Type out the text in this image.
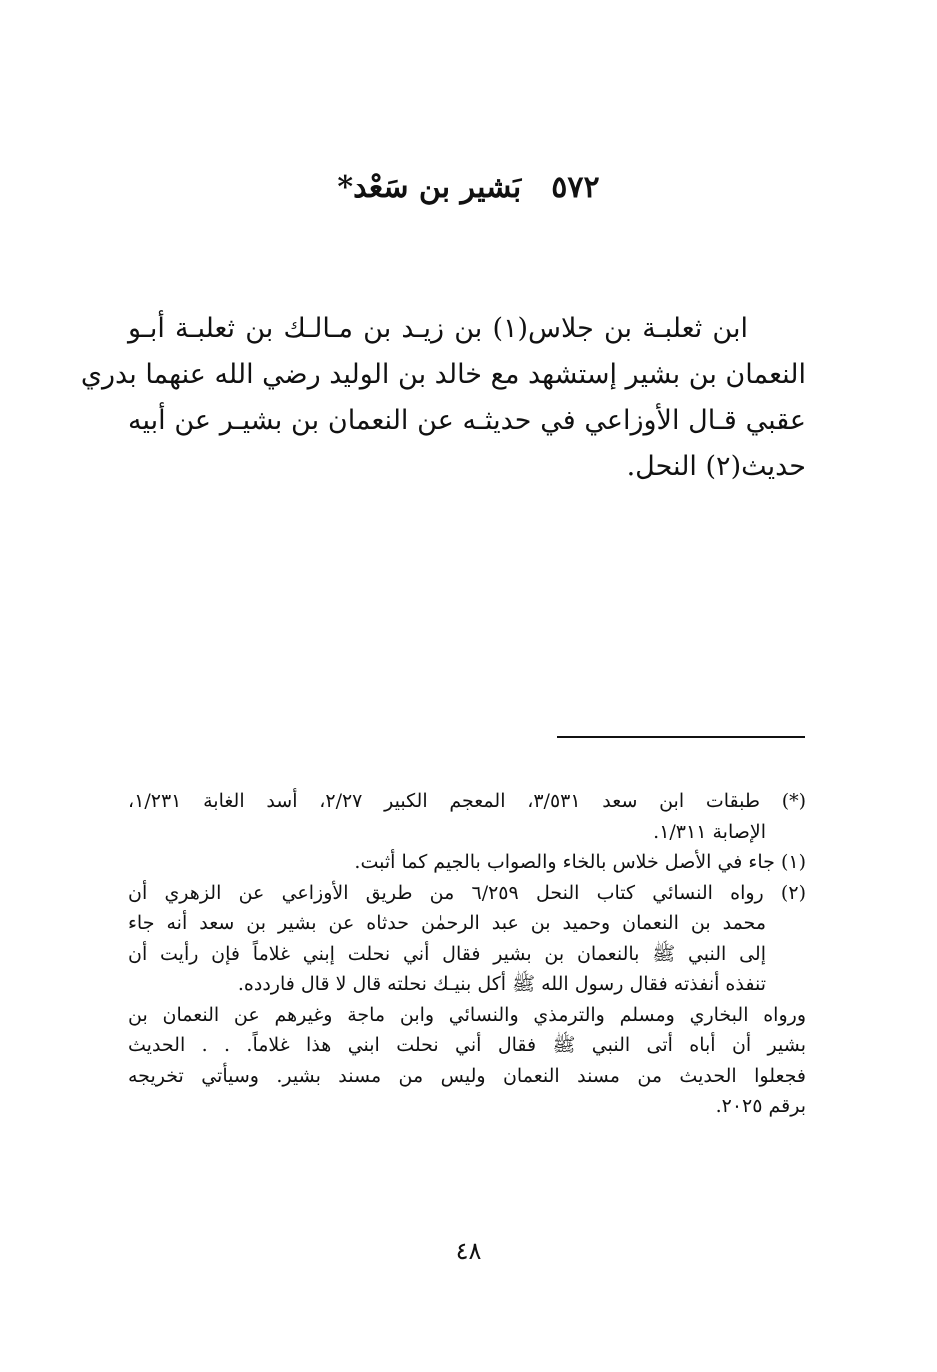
٥٧٢بَشير بن سَعْد*
ابن ثعلبـة بن جلاس(١) بن زيـد بن مـالـك بن ثعلبـة أبـو
النعمان بن بشير إستشهد مع خالد بن الوليد رضي الله عنهما بدري
عقبي قـال الأوزاعي في حديثـه عن النعمان بن بشيـر عن أبيه
حديث(٢) النحل.
(*) طبقات ابن سعد ٣/٥٣١، المعجم الكبير ٢/٢٧، أسد الغابة ١/٢٣١،
الإصابة ١/٣١١.
(١) جاء في الأصل خلاس بالخاء والصواب بالجيم كما أثبت.
(٢) رواه النسائي كتاب النحل ٦/٢٥٩ من طريق الأوزاعي عن الزهري أن
محمد بن النعمان وحميد بن عبد الرحمٰن حدثاه عن بشير بن سعد أنه جاء
إلى النبي ﷺ بالنعمان بن بشير فقال أني نحلت إبني غلاماً فإن رأيت أن
تنفذه أنفذته فقال رسول الله ﷺ أكل بنيـك نحلته قال لا قال فاردده.
ورواه البخاري ومسلم والترمذي والنسائي وابن ماجة وغيرهم عن النعمان بن
بشير أن أباه أتى النبي ﷺ فقال أني نحلت ابني هذا غلاماً. . . الحديث
فجعلوا الحديث من مسند النعمان وليس من مسند بشير. وسيأتي تخريجه
برقم ٢٠٢٥.
٤٨
